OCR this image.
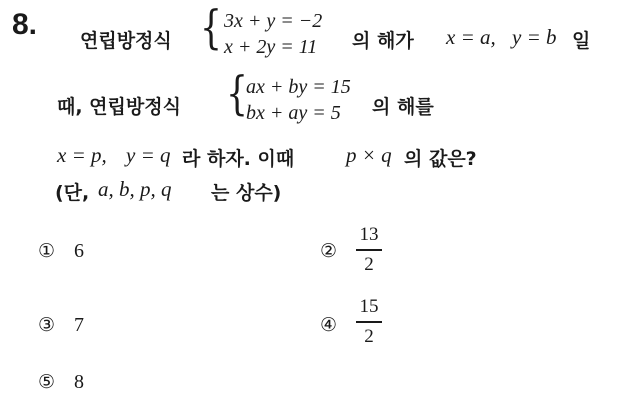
8. 연립방정식 { 3x + y = −2
x + 2y = 11 의 해가 x = a, y = b 일
때, 연립방정식 {
ax + by = 15
bx + ay = 5 의 해를
x = p, y = q 라 하자. 이때 p × q 의 값은?
(단, a, b, p, q 는 상수)
① 6	②
13
2
③ 7	④
15
2
⑤ 8
